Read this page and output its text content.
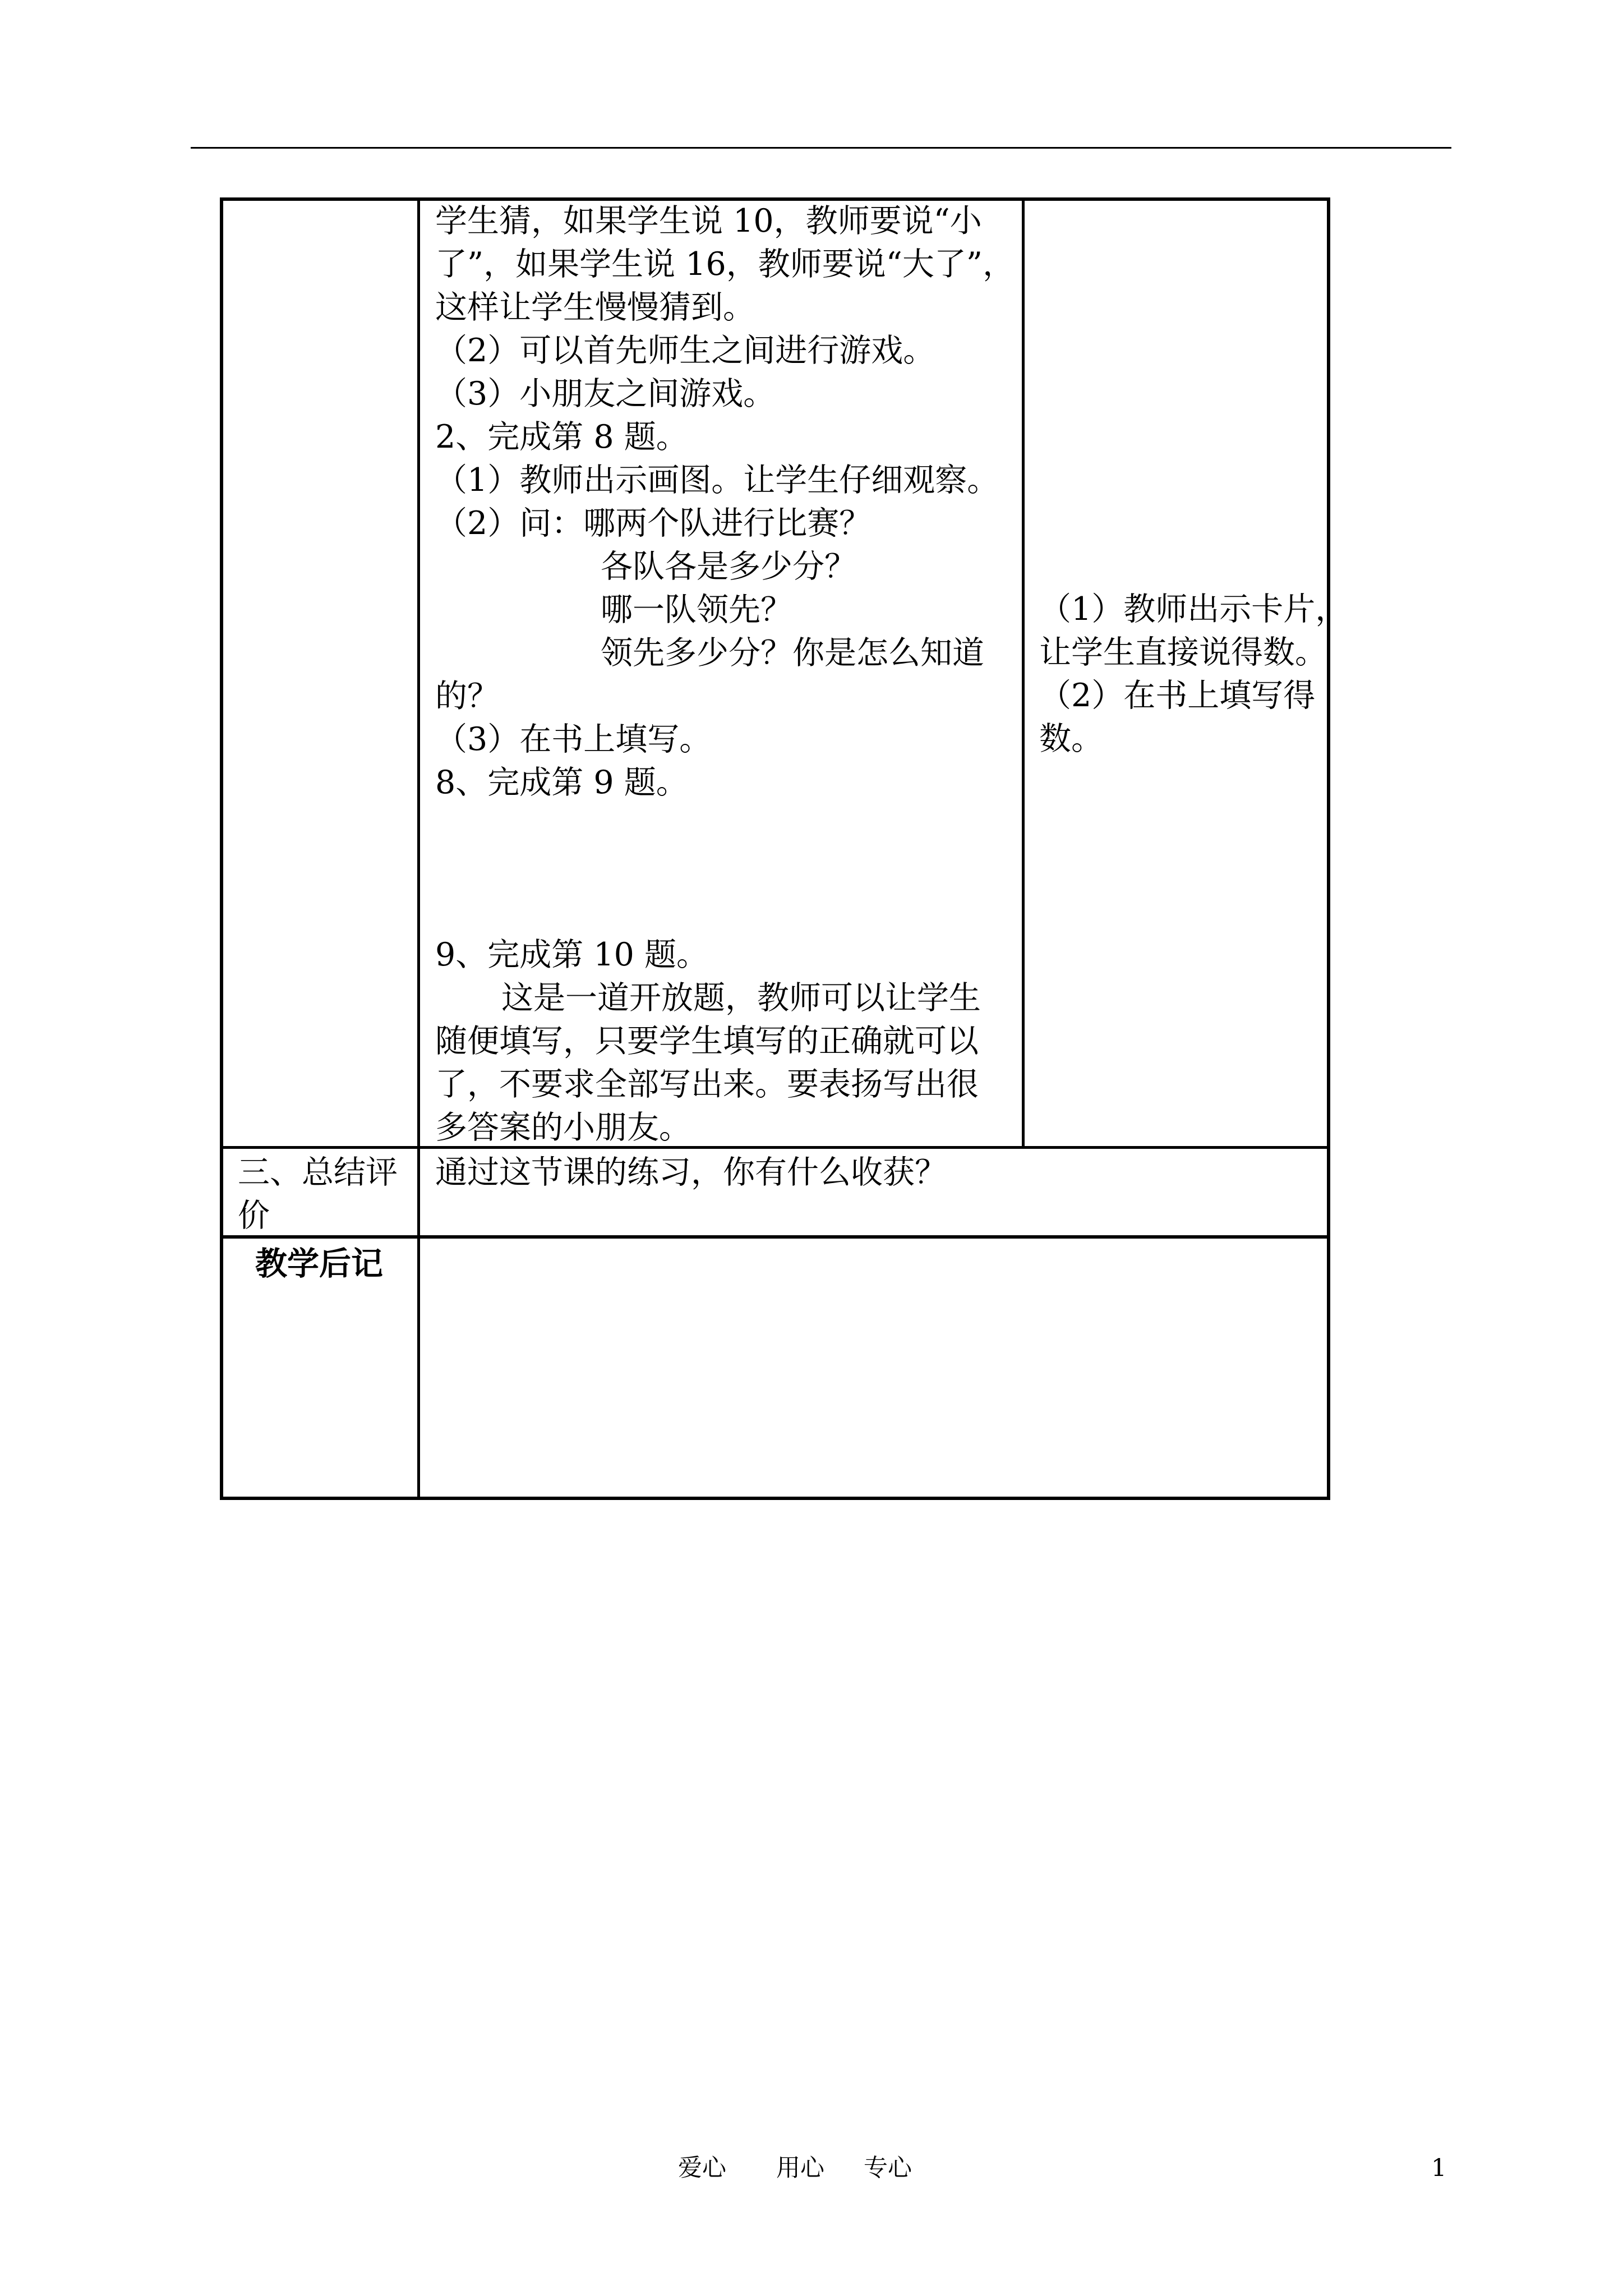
学生猜，如果学生说 10，教师要说“小
了”，如果学生说 16，教师要说“大了”，
这样让学生慢慢猜到。
（2）可以首先师生之间进行游戏。
（3）小朋友之间游戏。
2、完成第 8 题。
（1）教师出示画图。让学生仔细观察。
（2）问：哪两个队进行比赛？
各队各是多少分？
哪一队领先？
领先多少分？你是怎么知道
的？
（3）在书上填写。
8、完成第 9 题。
9、完成第 10 题。
这是一道开放题，教师可以让学生
随便填写，只要学生填写的正确就可以
了，不要求全部写出来。要表扬写出很
多答案的小朋友。
（1）教师出示卡片，
让学生直接说得数。
（2）在书上填写得
数。
三、总结评
价
通过这节课的练习，你有什么收获？
教学后记
爱心 用心 专心	1
